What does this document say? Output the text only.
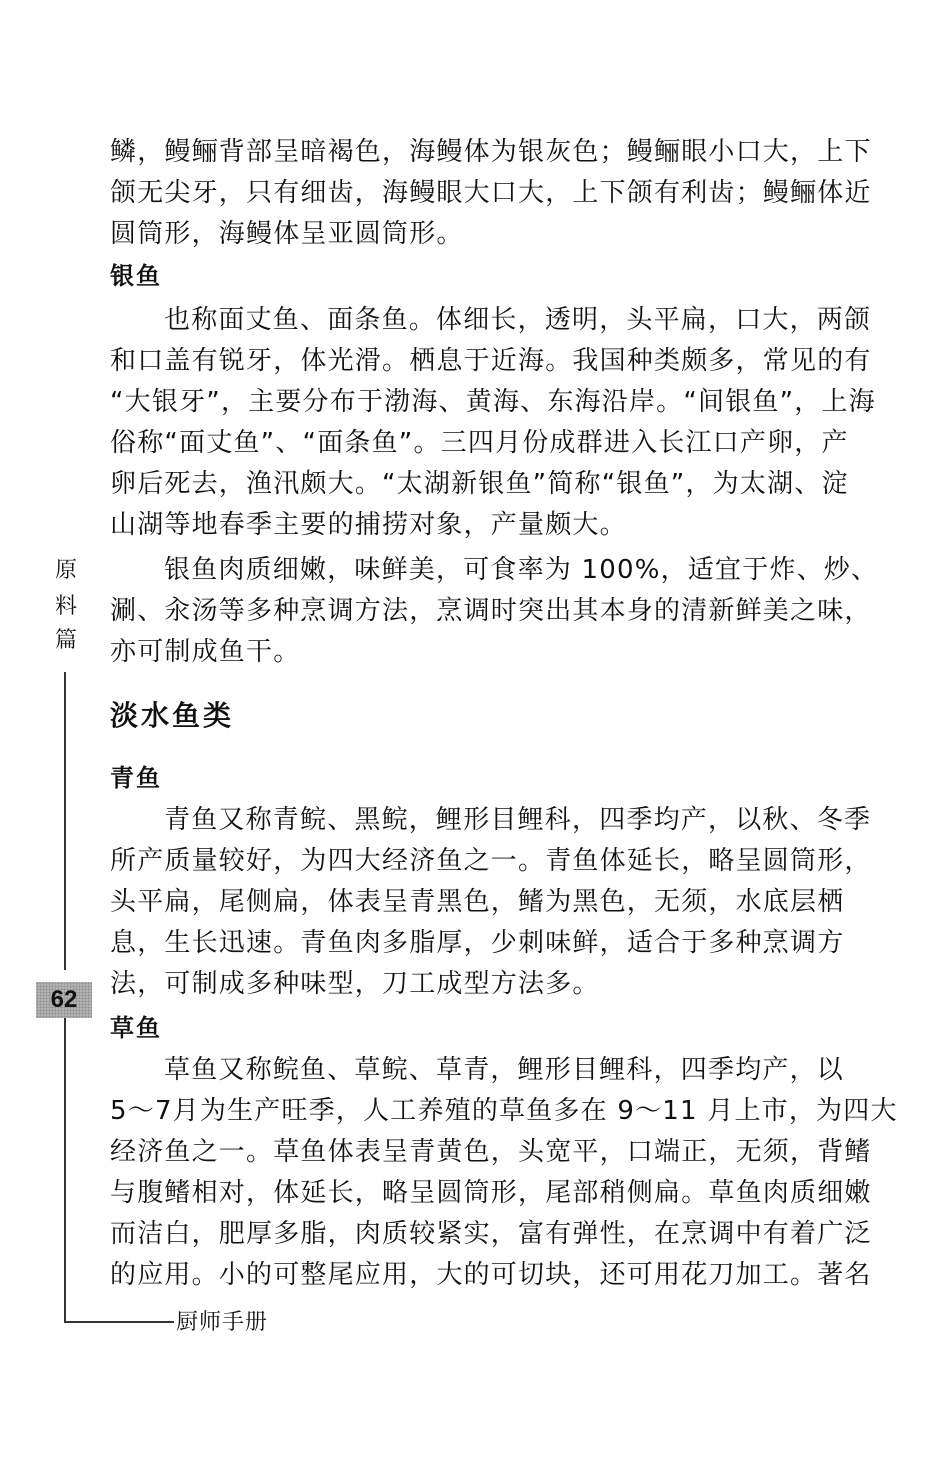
鳞，鳗鲡背部呈暗褐色，海鳗体为银灰色；鳗鲡眼小口大，上下
颌无尖牙，只有细齿，海鳗眼大口大，上下颌有利齿；鳗鲡体近
圆筒形，海鳗体呈亚圆筒形。
银鱼
也称面丈鱼、面条鱼。体细长，透明，头平扁，口大，两颌
和口盖有锐牙，体光滑。栖息于近海。我国种类颇多，常见的有
“大银牙”，主要分布于渤海、黄海、东海沿岸。“间银鱼”，上海
俗称“面丈鱼”、“面条鱼”。三四月份成群进入长江口产卵，产
卵后死去，渔汛颇大。“太湖新银鱼”简称“银鱼”，为太湖、淀
山湖等地春季主要的捕捞对象，产量颇大。
银鱼肉质细嫩，味鲜美，可食率为 100%，适宜于炸、炒、
涮、汆汤等多种烹调方法，烹调时突出其本身的清新鲜美之味，
亦可制成鱼干。
原
料
篇
淡水鱼类
青鱼
青鱼又称青鲩、黑鲩，鲤形目鲤科，四季均产，以秋、冬季
所产质量较好，为四大经济鱼之一。青鱼体延长，略呈圆筒形，
头平扁，尾侧扁，体表呈青黑色，鳍为黑色，无须，水底层栖
息，生长迅速。青鱼肉多脂厚，少刺味鲜，适合于多种烹调方
法，可制成多种味型，刀工成型方法多。
62
草鱼
草鱼又称鲩鱼、草鲩、草青，鲤形目鲤科，四季均产，以
5～7月为生产旺季，人工养殖的草鱼多在 9～11 月上市，为四大
经济鱼之一。草鱼体表呈青黄色，头宽平，口端正，无须，背鳍
与腹鳍相对，体延长，略呈圆筒形，尾部稍侧扁。草鱼肉质细嫩
而洁白，肥厚多脂，肉质较紧实，富有弹性，在烹调中有着广泛
的应用。小的可整尾应用，大的可切块，还可用花刀加工。著名
厨师手册
